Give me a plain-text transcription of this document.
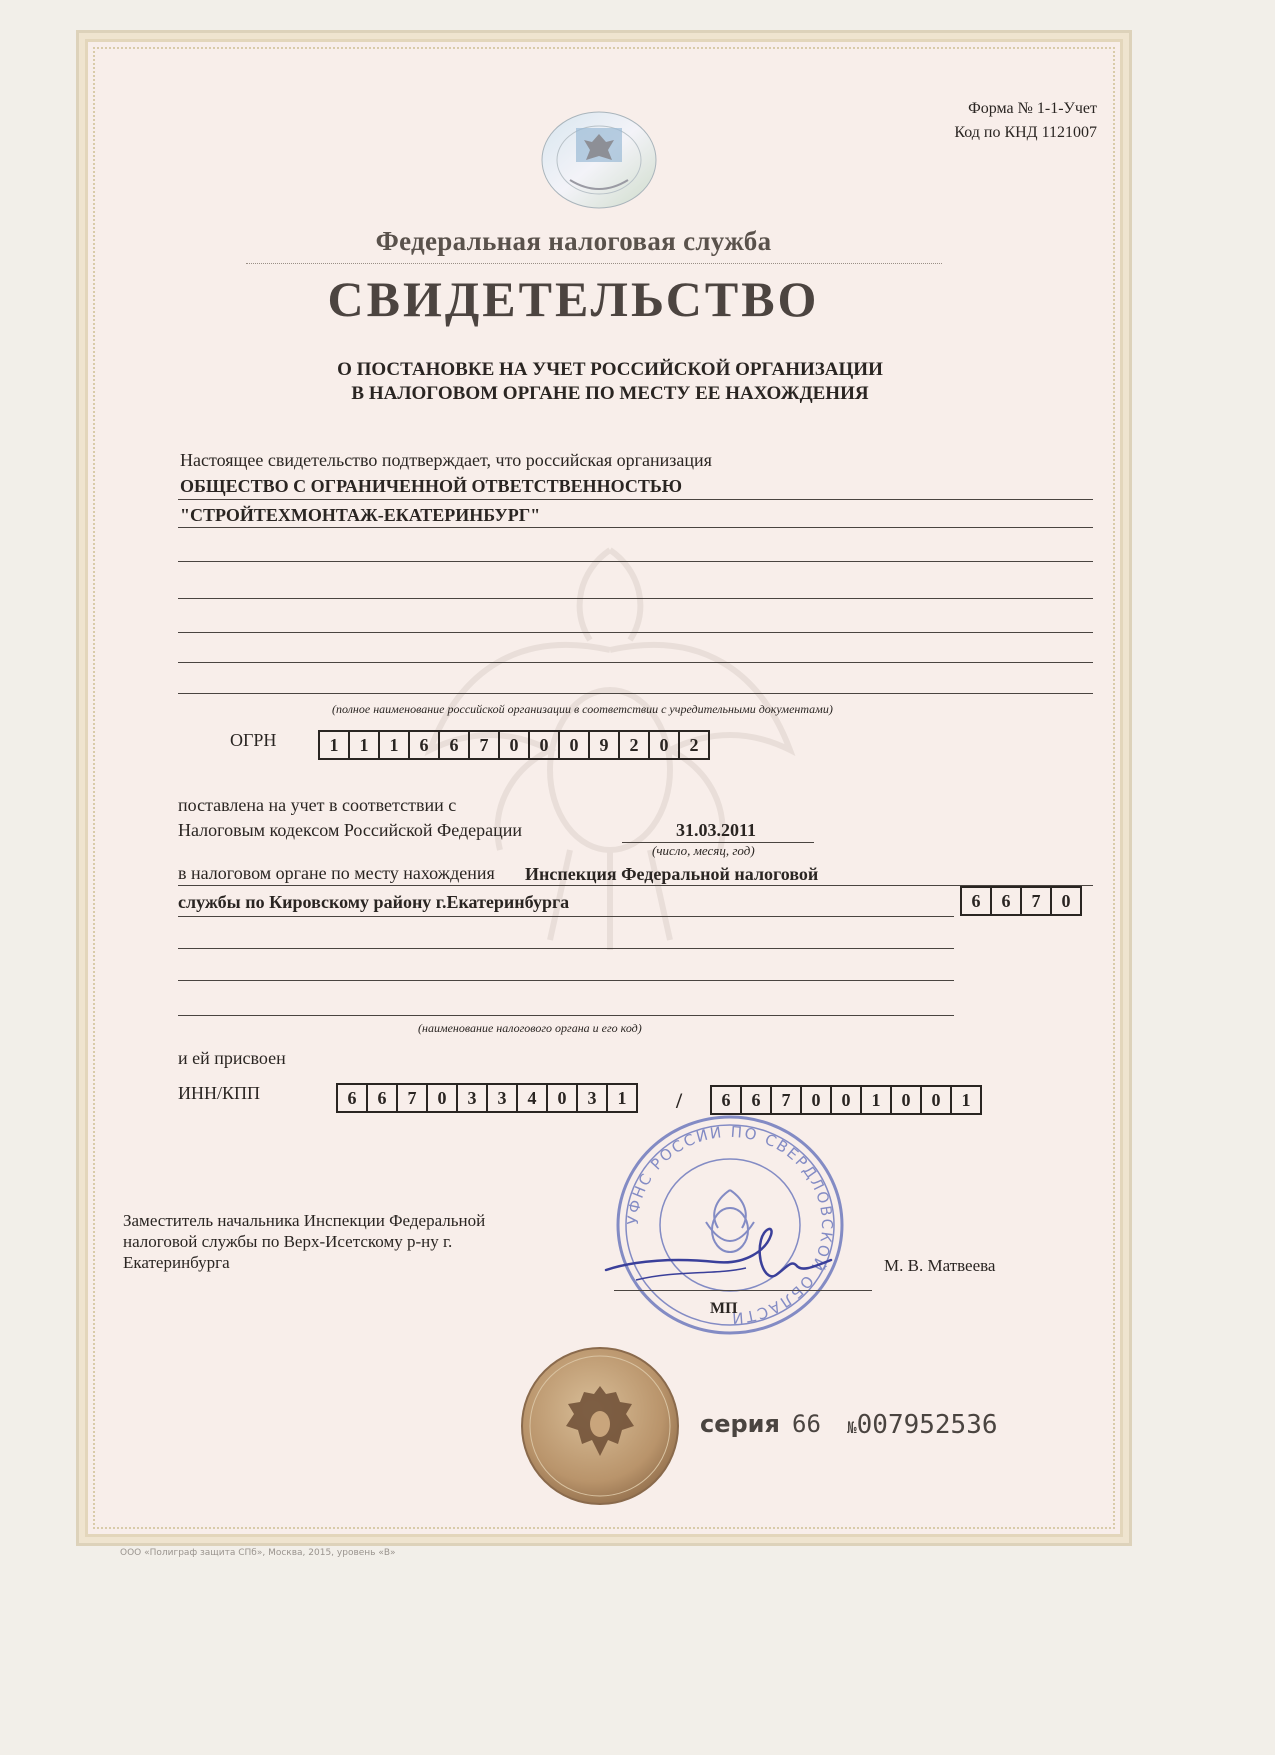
Форма № 1-1-Учет
Код по КНД 1121007
Федеральная налоговая служба
СВИДЕТЕЛЬСТВО
О ПОСТАНОВКЕ НА УЧЕТ РОССИЙСКОЙ ОРГАНИЗАЦИИ
В НАЛОГОВОМ ОРГАНЕ ПО МЕСТУ ЕЕ НАХОЖДЕНИЯ
Настоящее свидетельство подтверждает, что российская организация
ОБЩЕСТВО С ОГРАНИЧЕННОЙ ОТВЕТСТВЕННОСТЬЮ
"СТРОЙТЕХМОНТАЖ-ЕКАТЕРИНБУРГ"
(полное наименование российской организации в соответствии с учредительными документами)
ОГРН	1	1	1	6	6	7	0	0	0	9	2	0	2
поставлена на учет в соответствии с
Налоговым кодексом Российской Федерации	31.03.2011
(число, месяц, год)
в налоговом органе по месту нахождения Инспекция Федеральной налоговой
службы по Кировскому району г.Екатеринбурга	6	6	7	0
(наименование налогового органа и его код)
и ей присвоен
ИНН/КПП	6	6	7	0	3	3	4	0	3	1	/	6	6	7	0	0	1	0	0	1
УФНС РОССИИ ПО СВЕРДЛОВСКОЙ ОБЛАСТИ
Заместитель начальника Инспекции Федеральной
налоговой службы по Верх-Исетскому р-ну г.
Екатеринбурга	М. В. Матвеева
МП
серия 66 №007952536
ООО «Полиграф защита СПб», Москва, 2015, уровень «В»
